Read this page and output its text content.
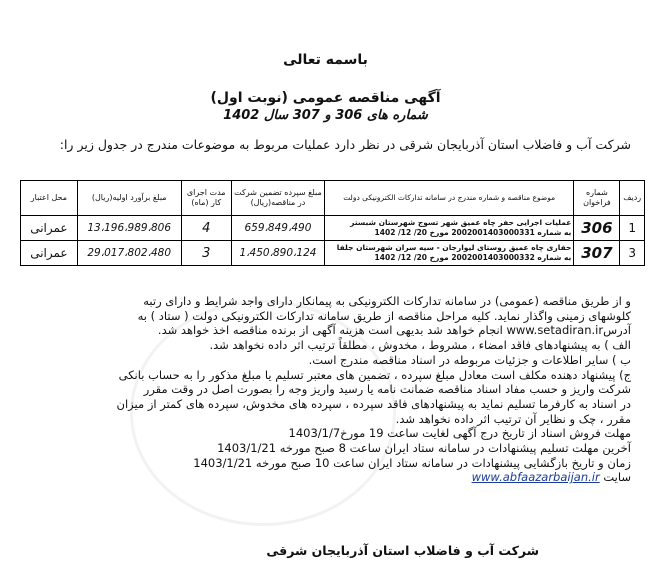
باسمه تعالی
آگهی مناقصه عمومی (نوبت اول)
شماره های 306 و 307 سال 1402
شرکت آب و فاضلاب استان آذربایجان شرقی در نظر دارد عملیات مربوط به موضوعات مندرج در جدول زیر را:
ردیف	شماره فراخوان	موضوع مناقصه و شماره مندرج در سامانه تدارکات الکترونیکی دولت	مبلغ سپرده تضمین شرکت در مناقصه(ریال)	مدت اجرای کار (ماه)	مبلغ برآورد اولیه(ریال)	محل اعتبار
1	306	عملیات اجرایی حفر چاه عمیق شهر تسوج شهرستان شبستر
به شماره 2002001403000331 مورخ 20/ 12/ 1402	659،849،490	4	13،196،989،806	عمرانی
3	307	حفاری چاه عمیق روستای لیوارجان - سیه سران شهرستان جلفا
به شماره 2002001403000332 مورخ 20/ 12/ 1402	1،450،890،124	3	29،017،802،480	عمرانی
و از طریق مناقصه (عمومی) در سامانه تدارکات الکترونیکی به پیمانکار دارای واجد شرایط و دارای رتبه
کلوشهای زمینی واگذار نماید. کلیه مراحل مناقصه از طریق سامانه تدارکات الکترونیکی دولت ( ستاد ) به
آدرسwww.setadiran.ir انجام خواهد شد بدیهی است هزینه آگهی از برنده مناقصه اخذ خواهد شد.
الف ) به پیشنهادهای فاقد امضاء ، مشروط ، مخدوش ، مطلقاً ترتیب اثر داده نخواهد شد.
ب ) سایر اطلاعات و جزئیات مربوطه در اسناد مناقصه مندرج است.
ج) پیشنهاد دهنده مکلف است معادل مبلغ سپرده ، تضمین های معتبر تسلیم یا مبلغ مذکور را به حساب بانکی
شرکت واریز و حسب مفاد اسناد مناقصه ضمانت نامه یا رسید واریز وجه را بصورت اصل در وقت مقرر
در اسناد به کارفرما تسلیم نماید به پیشنهادهای فاقد سپرده ، سپرده های مخدوش، سپرده های کمتر از میزان
مقرر ، چک و نظایر آن ترتیب اثر داده نخواهد شد.
مهلت فروش اسناد از تاریخ درج آگهی لغایت ساعت 19 مورخ1403/1/7
آخرین مهلت تسلیم پیشنهادات در سامانه ستاد ایران ساعت 8 صبح مورخه 1403/1/21
زمان و تاریخ بازگشایی پیشنهادات در سامانه ستاد ایران ساعت 10 صبح مورخه 1403/1/21
سایت www.abfaazarbaijan.ir
شرکت آب و فاضلاب استان آذربایجان شرقی
